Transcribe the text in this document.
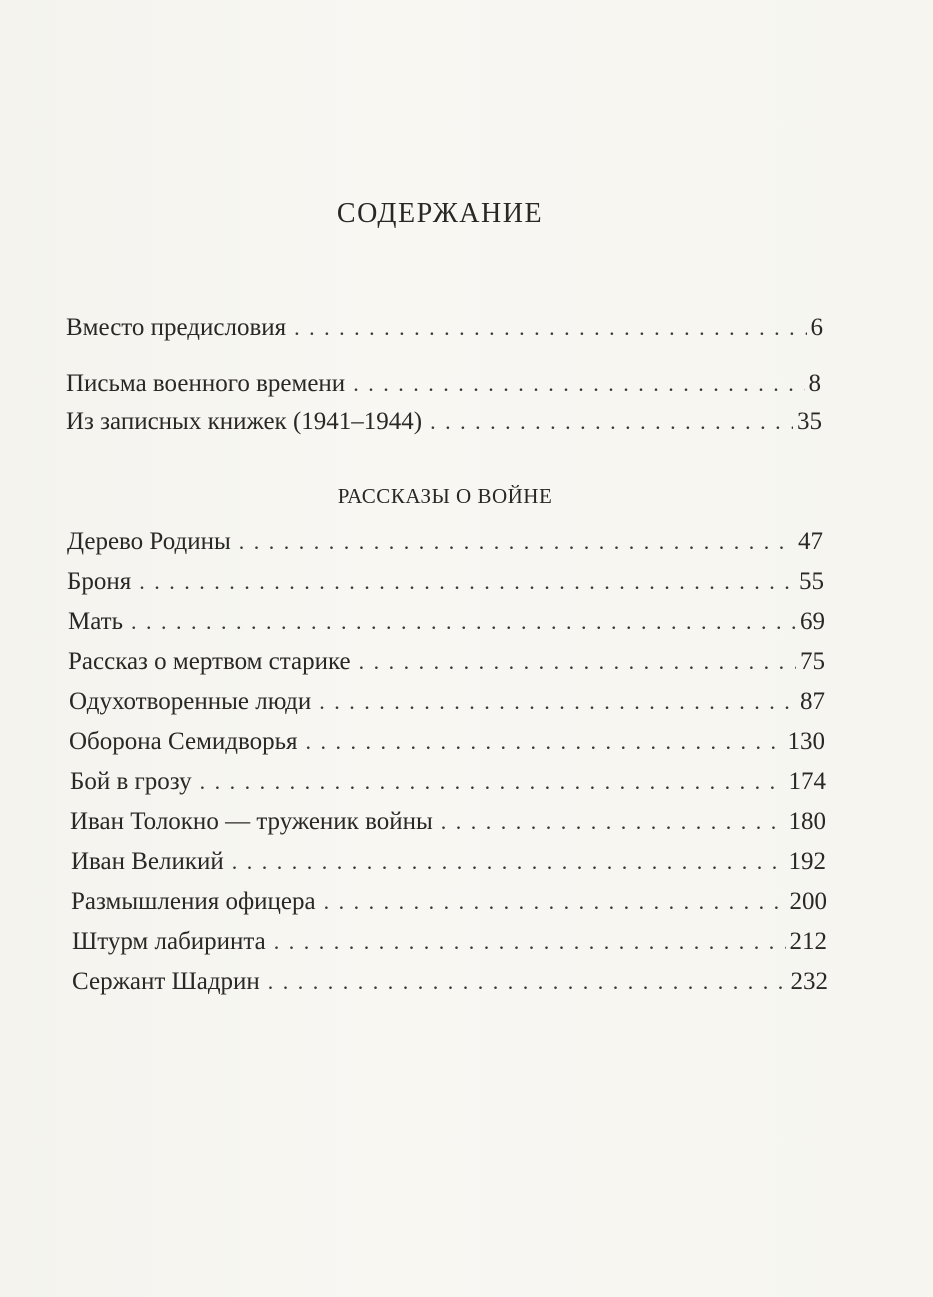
СОДЕРЖАНИЕ
Вместо предисловия . . .	6
Письма военного времени . . .	8
Из записных книжек (1941–1944) . . .	35
РАССКАЗЫ О ВОЙНЕ
Дерево Родины . . .	47
Броня . . .	55
Мать . . .	69
Рассказ о мертвом старике . . .	75
Одухотворенные люди . . .	87
Оборона Семидворья . . .	130
Бой в грозу . . .	174
Иван Толокно — труженик войны . . .	180
Иван Великий . . .	192
Размышления офицера . . .	200
Штурм лабиринта . . .	212
Сержант Шадрин . . .	232
